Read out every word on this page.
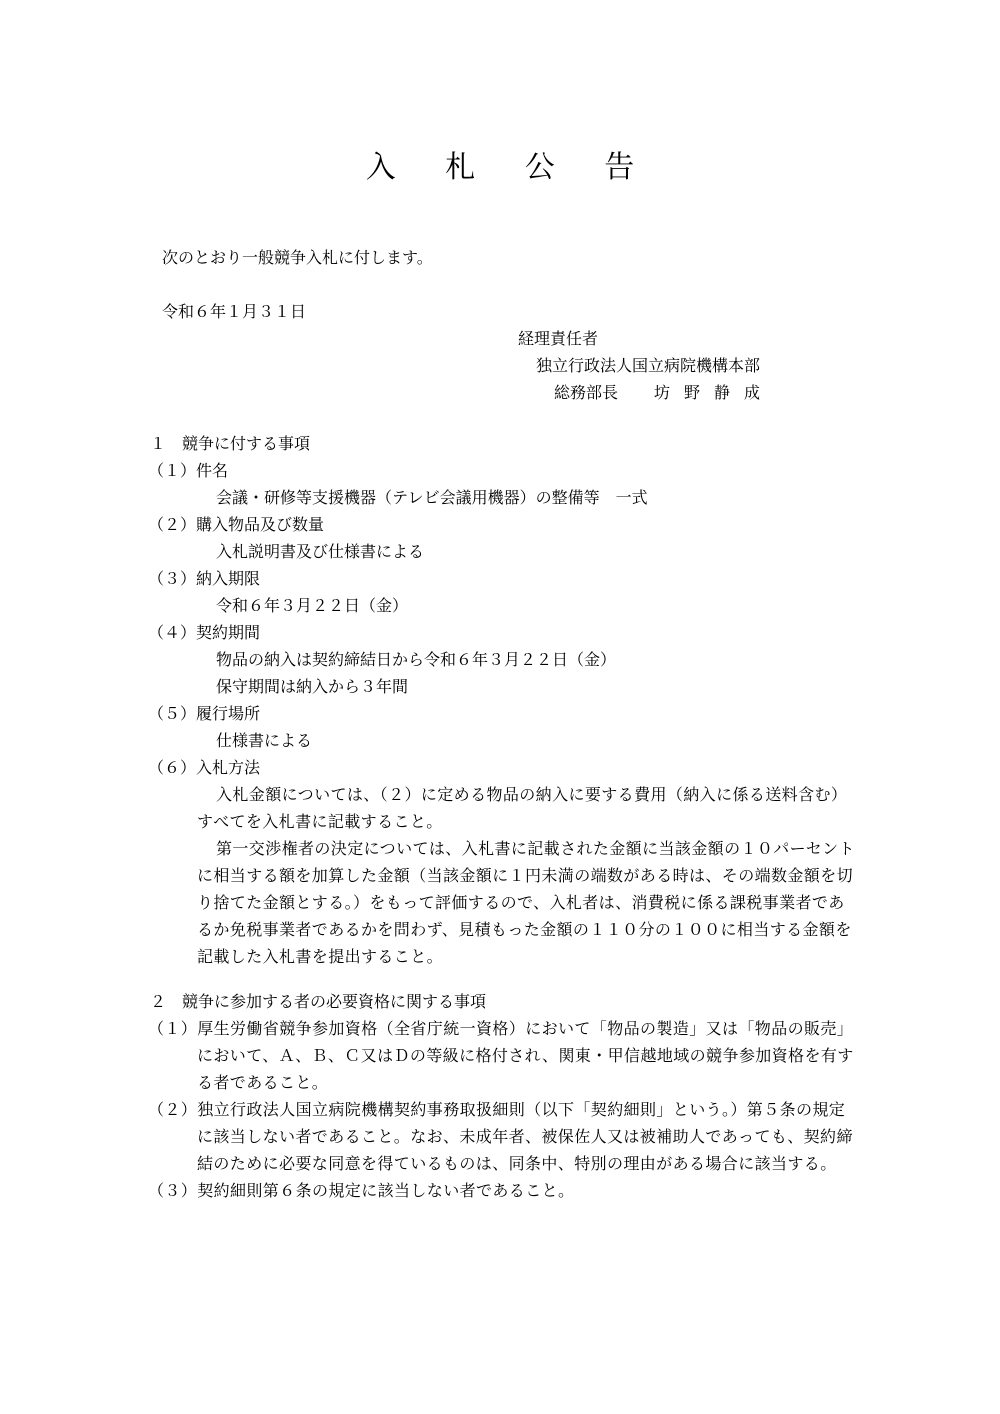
入 札 公 告
次のとおり一般競争入札に付します。
令和６年１月３１日
経理責任者
独立行政法人国立病院機構本部
総務部長 坊野静成
１　競争に付する事項
（１）件名
会議・研修等支援機器（テレビ会議用機器）の整備等　一式
（２）購入物品及び数量
入札説明書及び仕様書による
（３）納入期限
令和６年３月２２日（金）
（４）契約期間
物品の納入は契約締結日から令和６年３月２２日（金）
保守期間は納入から３年間
（５）履行場所
仕様書による
（６）入札方法
入札金額については、（２）に定める物品の納入に要する費用（納入に係る送料含む）すべてを入札書に記載すること。
第一交渉権者の決定については、入札書に記載された金額に当該金額の１０パーセントに相当する額を加算した金額（当該金額に１円未満の端数がある時は、その端数金額を切り捨てた金額とする。）をもって評価するので、入札者は、消費税に係る課税事業者であるか免税事業者であるかを問わず、見積もった金額の１１０分の１００に相当する金額を記載した入札書を提出すること。
２　競争に参加する者の必要資格に関する事項
（１）厚生労働省競争参加資格（全省庁統一資格）において「物品の製造」又は「物品の販売」において、Ａ、Ｂ、Ｃ又はＤの等級に格付され、関東・甲信越地域の競争参加資格を有する者であること。
（２）独立行政法人国立病院機構契約事務取扱細則（以下「契約細則」という。）第５条の規定に該当しない者であること。なお、未成年者、被保佐人又は被補助人であっても、契約締結のために必要な同意を得ているものは、同条中、特別の理由がある場合に該当する。
（３）契約細則第６条の規定に該当しない者であること。
